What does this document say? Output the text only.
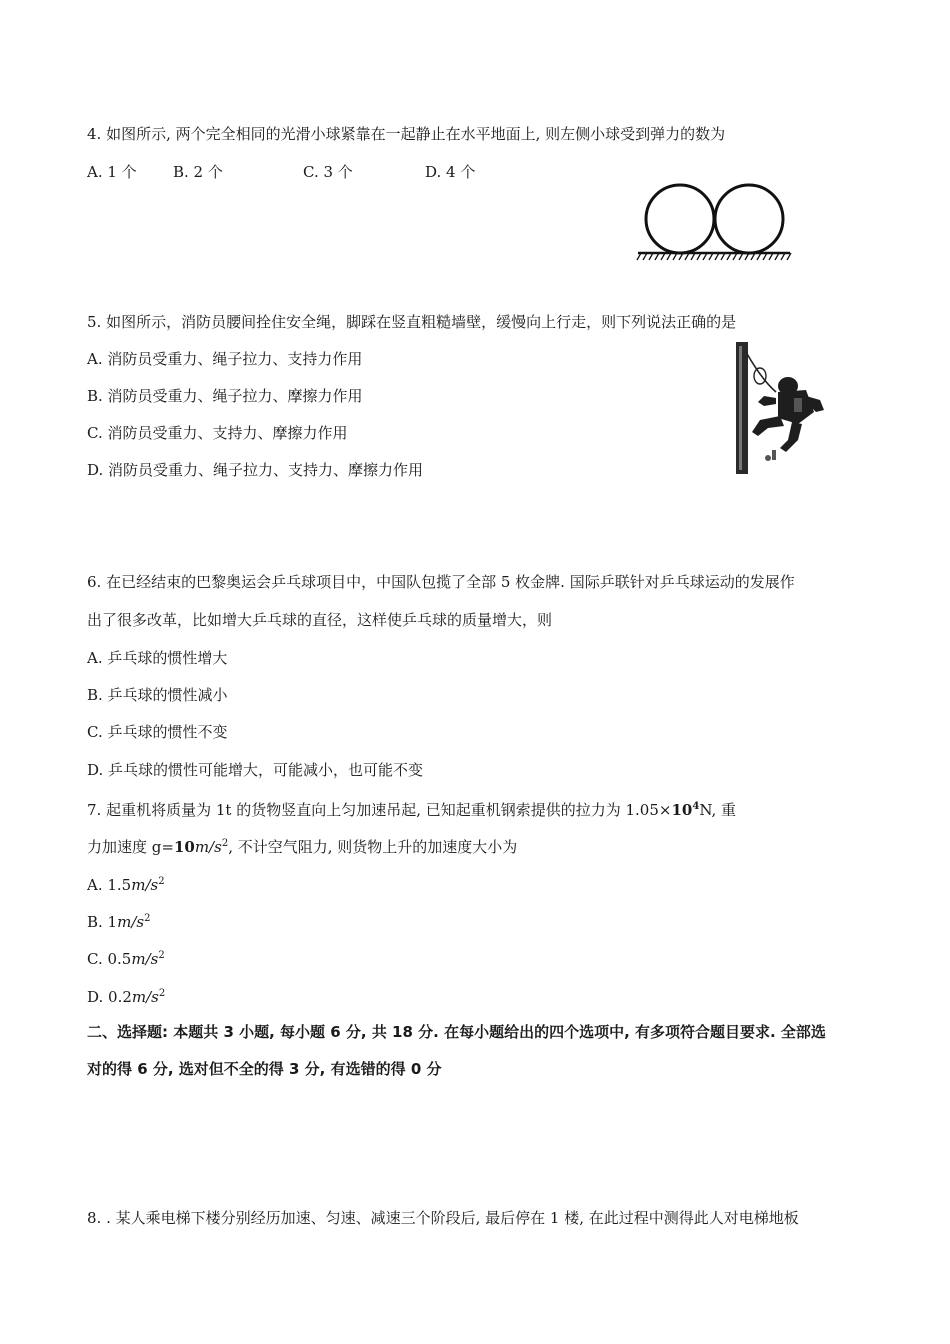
4. 如图所示, 两个完全相同的光滑小球紧靠在一起静止在水平地面上, 则左侧小球受到弹力的数为
A. 1 个 B. 2 个	C. 3 个	D. 4 个
5. 如图所示，消防员腰间拴住安全绳，脚踩在竖直粗糙墙壁，缓慢向上行走，则下列说法正确的是
A. 消防员受重力、绳子拉力、支持力作用
B. 消防员受重力、绳子拉力、摩擦力作用
C. 消防员受重力、支持力、摩擦力作用
D. 消防员受重力、绳子拉力、支持力、摩擦力作用
6. 在已经结束的巴黎奥运会乒乓球项目中，中国队包揽了全部 5 枚金牌. 国际乒联针对乒乓球运动的发展作
出了很多改革，比如增大乒乓球的直径，这样使乒乓球的质量增大，则
A. 乒乓球的惯性增大
B. 乒乓球的惯性减小
C. 乒乓球的惯性不变
D. 乒乓球的惯性可能增大，可能减小，也可能不变
7. 起重机将质量为 1t 的货物竖直向上匀加速吊起, 已知起重机钢索提供的拉力为 $1.05\times 10^4N$, 重
力加速度 $g=10m/s^2$, 不计空气阻力, 则货物上升的加速度大小为
A. $1.5m/s^2$
B. $1m/s^2$
C. $0.5m/s^2$
D. $0.2m/s^2$
二、选择题: 本题共 3 小题, 每小题 6 分, 共 18 分. 在每小题给出的四个选项中, 有多项符合题目要求. 全部选
对的得 6 分, 选对但不全的得 3 分, 有选错的得 0 分
8. . 某人乘电梯下楼分别经历加速、匀速、减速三个阶段后, 最后停在 1 楼, 在此过程中测得此人对电梯地板
